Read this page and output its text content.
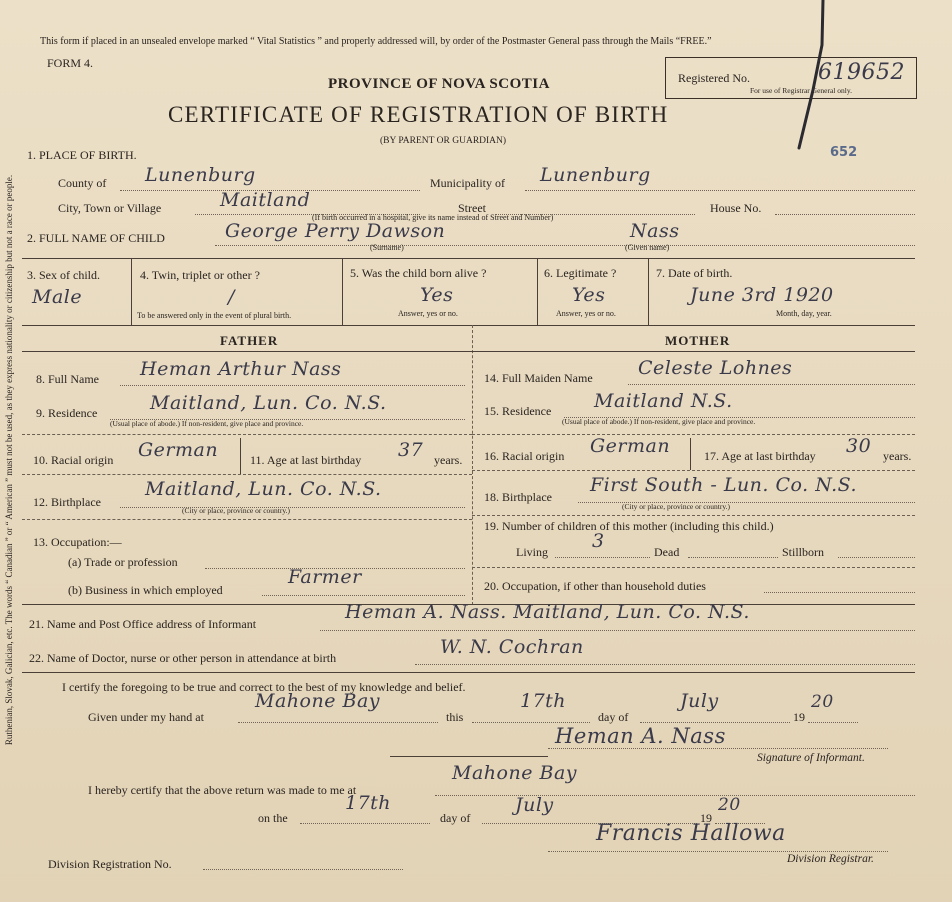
Ruthenian, Slovak, Galician, etc. The words “ Canadian ” or “ American ” must not be used, as they express nationality or citizenship but not a race or people.
This form if placed in an unsealed envelope marked “ Vital Statistics ” and properly addressed will, by order of the Postmaster General pass through the Mails “FREE.”
FORM 4.
PROVINCE OF NOVA SCOTIA
CERTIFICATE OF REGISTRATION OF BIRTH
(BY PARENT OR GUARDIAN)
Registered No.	619652
For use of Registrar General only.
652
1. PLACE OF BIRTH.
County of Lunenburg	Municipality of Lunenburg
City, Town or Village	Maitland	Street	House No.
(If birth occurred in a hospital, give its name instead of Street and Number)
2. FULL NAME OF CHILD	George Perry Dawson	Nass
(Surname)	(Given name)
3. Sex of child.
Male
4. Twin, triplet or other ?
/
To be answered only in the event of plural birth.
5. Was the child born alive ?
Yes
Answer, yes or no.
6. Legitimate ?
Yes
Answer, yes or no.
7. Date of birth.
June 3rd 1920
Month, day, year.
FATHER	MOTHER
8. Full Name Heman Arthur Nass
9. Residence	Maitland, Lun. Co. N.S.
(Usual place of abode.) If non-resident, give place and province.
10. Racial origin German	11. Age at last birthday 37 years.
12. Birthplace
Maitland, Lun. Co. N.S.
(City or place, province or country.)
13. Occupation:—
(a) Trade or profession
(b) Business in which employed
Farmer
14. Full Maiden Name Celeste Lohnes
15. Residence Maitland N.S.
(Usual place of abode.) If non-resident, give place and province.
16. Racial origin German	17. Age at last birthday 30 years.
18. Birthplace
First South - Lun. Co. N.S.
(City or place, province or country.)
19. Number of children of this mother (including this child.)
Living 3	Dead	Stillborn
20. Occupation, if other than household duties
21. Name and Post Office address of Informant
Heman A. Nass. Maitland, Lun. Co. N.S.
22. Name of Doctor, nurse or other person in attendance at birth	W. N. Cochran
I certify the foregoing to be true and correct to the best of my knowledge and belief.
Given under my hand at
Mahone Bay
this
17th
day of
July
19
20
Heman A. Nass
Signature of Informant.
I hereby certify that the above return was made to me at
Mahone Bay
on the
17th
day of
July
19
20
Francis Hallowa
Division Registration No.	Division Registrar.
